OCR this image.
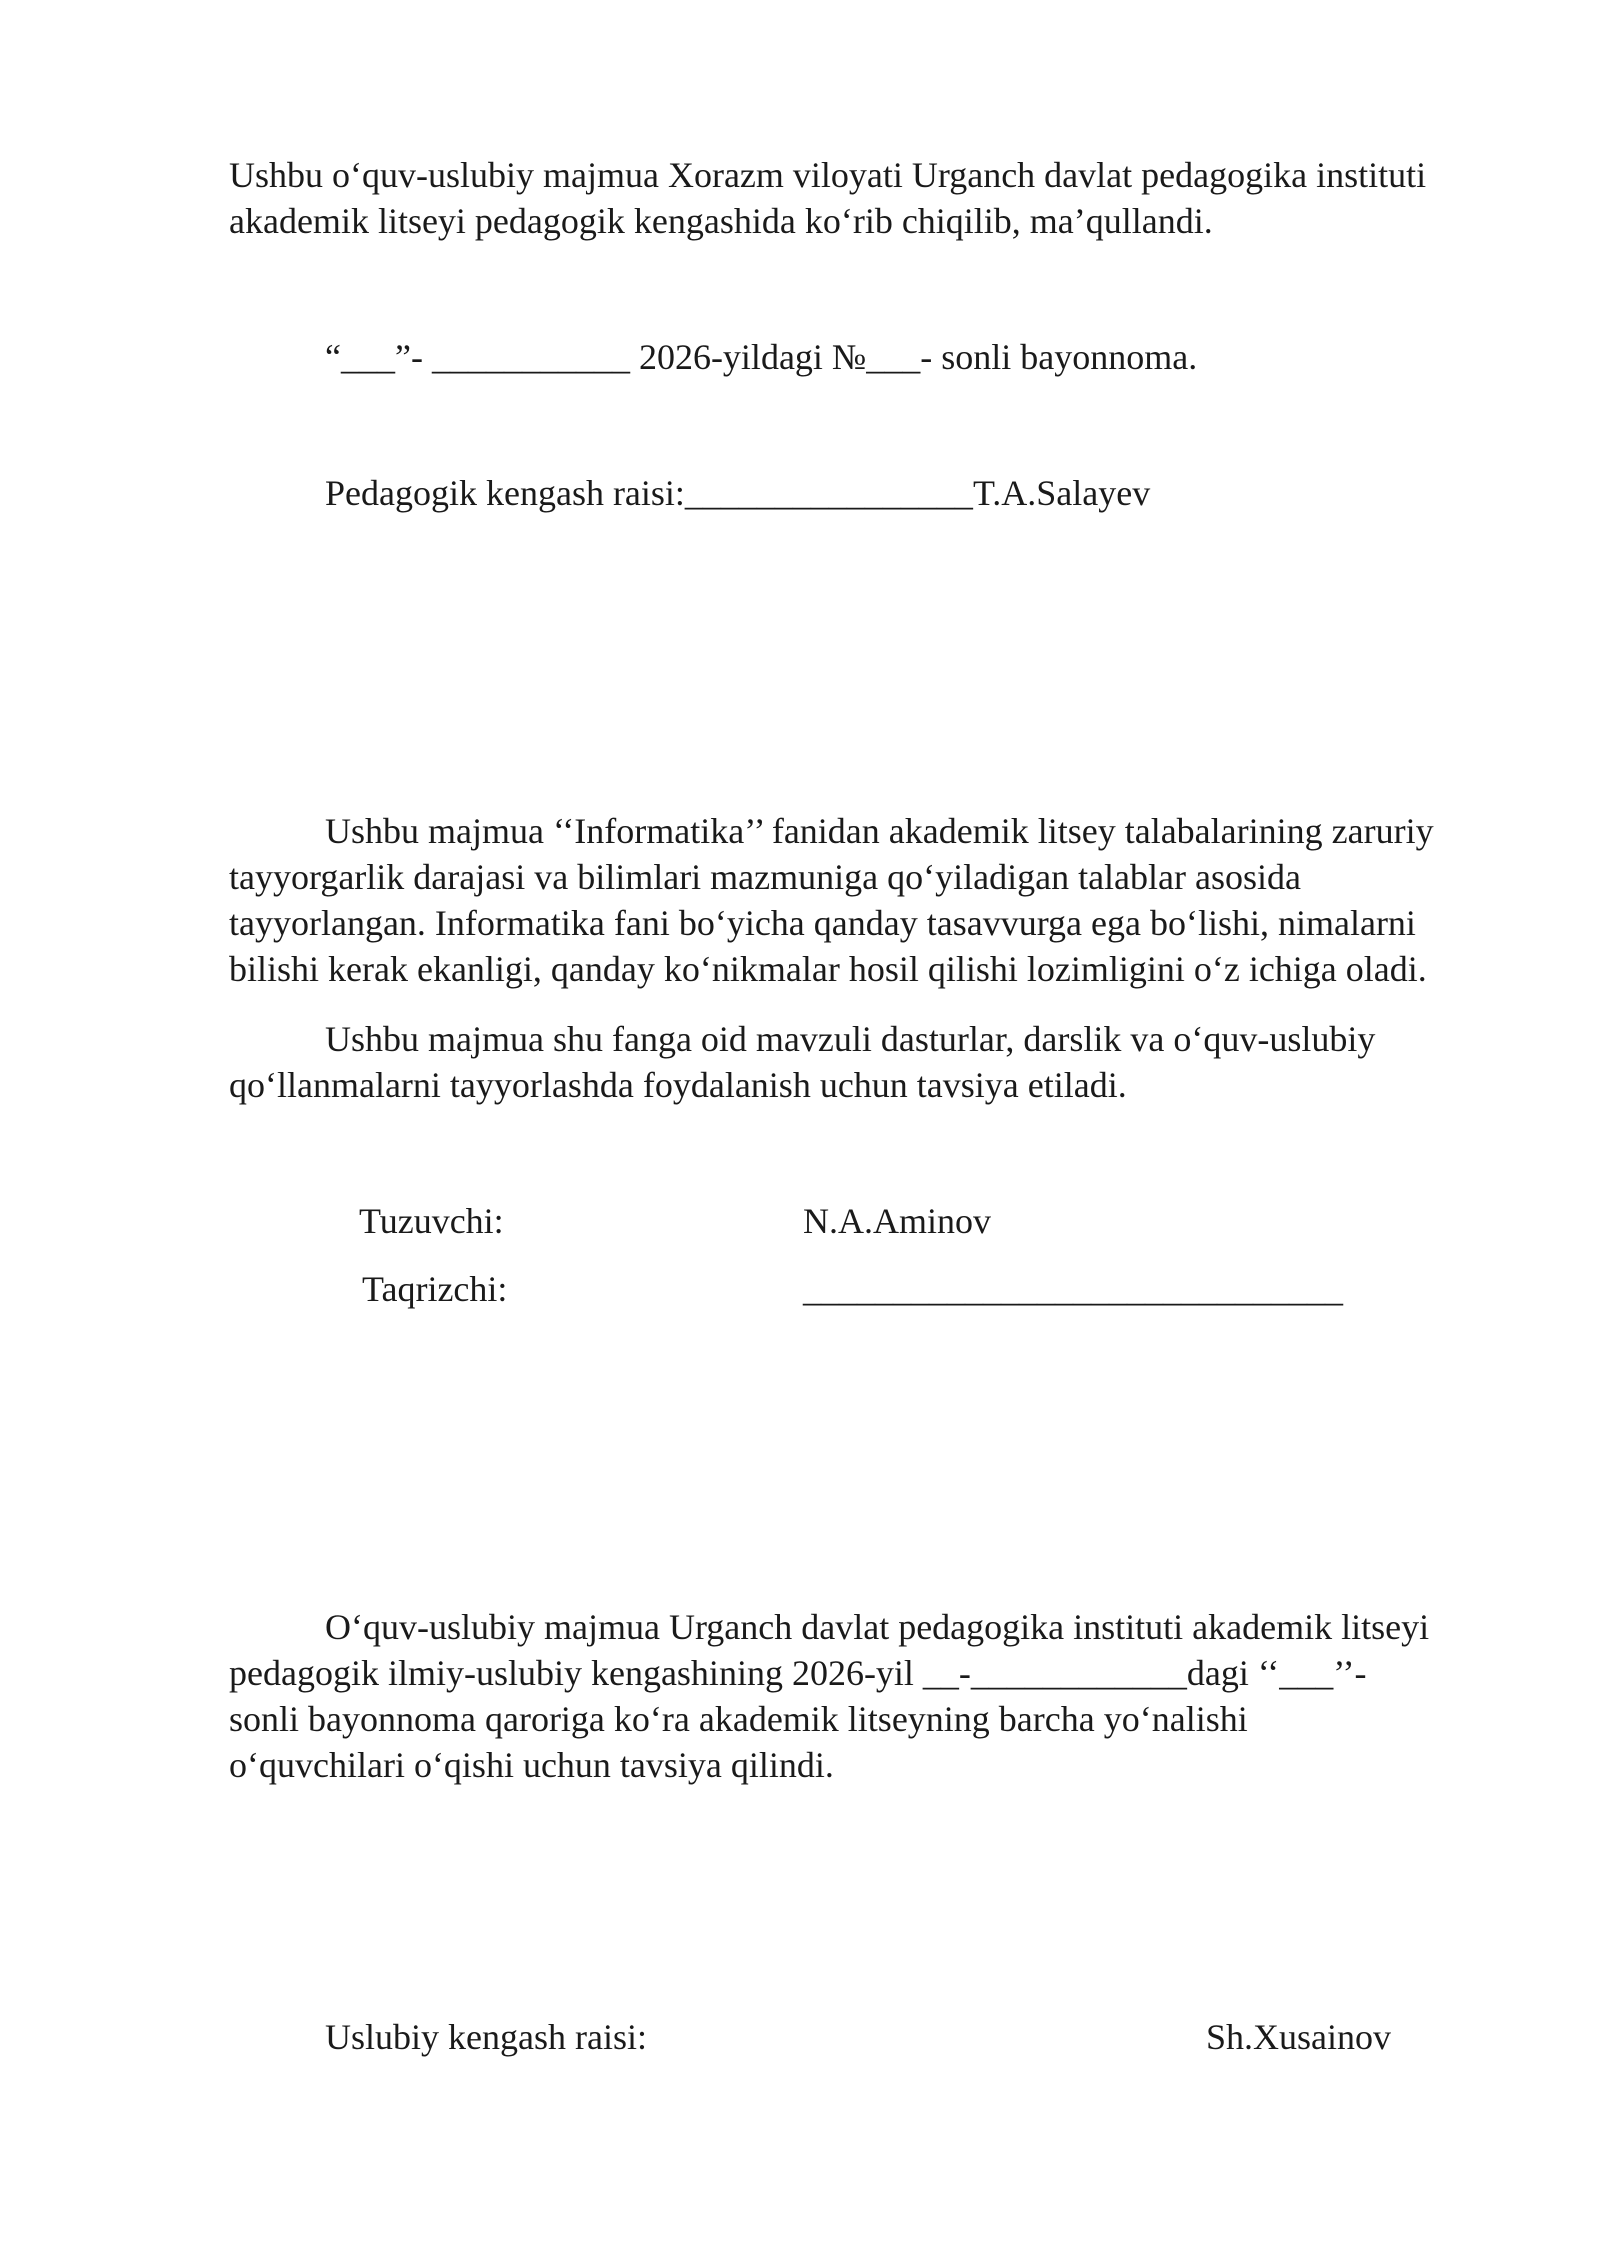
Ushbu o‘quv-uslubiy majmua Xorazm viloyati Urganch davlat pedagogika instituti
akademik litseyi pedagogik kengashida ko‘rib chiqilib, ma’qullandi.
“___”- ___________ 2026-yildagi №___- sonli bayonnoma.
Pedagogik kengash raisi:________________T.A.Salayev
Ushbu majmua ‘‘Informatika’’ fanidan akademik litsey talabalarining zaruriy
tayyorgarlik darajasi va bilimlari mazmuniga qo‘yiladigan talablar asosida
tayyorlangan. Informatika fani bo‘yicha qanday tasavvurga ega bo‘lishi, nimalarni
bilishi kerak ekanligi, qanday ko‘nikmalar hosil qilishi lozimligini o‘z ichiga oladi.
Ushbu majmua shu fanga oid mavzuli dasturlar, darslik va o‘quv-uslubiy
qo‘llanmalarni tayyorlashda foydalanish uchun tavsiya etiladi.
Tuzuvchi:	N.A.Aminov
Taqrizchi:	______________________________
O‘quv-uslubiy majmua Urganch davlat pedagogika instituti akademik litseyi
pedagogik ilmiy-uslubiy kengashining 2026-yil __-____________dagi ‘‘___’’-
sonli bayonnoma qaroriga ko‘ra akademik litseyning barcha yo‘nalishi
o‘quvchilari o‘qishi uchun tavsiya qilindi.
Uslubiy kengash raisi:	Sh.Xusainov
